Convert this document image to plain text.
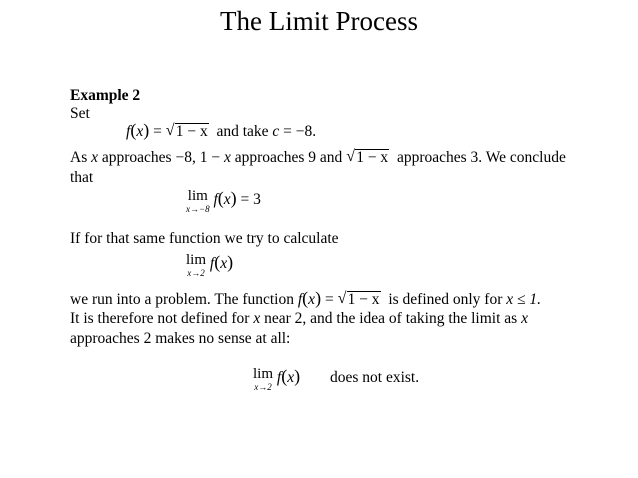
The Limit Process
Example 2
Set
f(x) = √ 1 − x and take c = −8.
As x approaches −8, 1 − x approaches 9 and √ 1 − x approaches 3. We conclude
that
lim
x→−8
f(x) = 3
If for that same function we try to calculate
lim
x→2
f(x)
we run into a problem. The function f(x) = √ 1 − x is defined only for x ≤ 1.
It is therefore not defined for x near 2, and the idea of taking the limit as x
approaches 2 makes no sense at all:
lim
x→2
f(x) does not exist.
